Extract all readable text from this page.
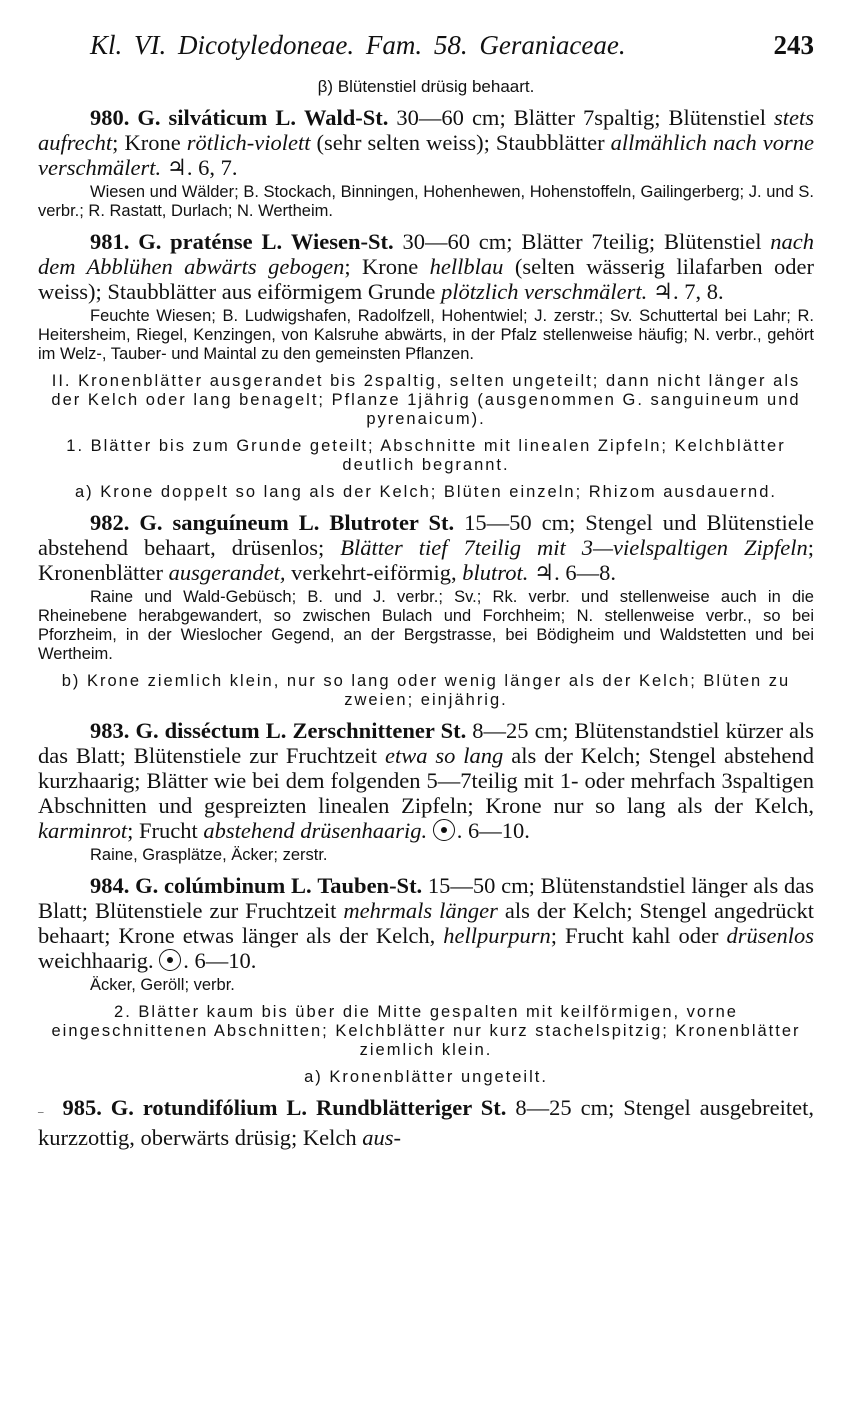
Kl. VI. Dicotyledoneae. Fam. 58. Geraniaceae.	243

β) Blütenstiel drüsig behaart.

980. G. silváticum L. Wald-St. 30—60 cm; Blätter 7spaltig; Blütenstiel stets aufrecht; Krone rötlich-violett (sehr selten weiss); Staubblätter allmählich nach vorne verschmälert. ♃. 6, 7.

Wiesen und Wälder; B. Stockach, Binningen, Hohenhewen, Hohenstoffeln, Gailingerberg; J. und S. verbr.; R. Rastatt, Durlach; N. Wertheim.

981. G. praténse L. Wiesen-St. 30—60 cm; Blätter 7teilig; Blütenstiel nach dem Abblühen abwärts gebogen; Krone hellblau (selten wässerig lilafarben oder weiss); Staubblätter aus eiförmigem Grunde plötzlich verschmälert. ♃. 7, 8.

Feuchte Wiesen; B. Ludwigshafen, Radolfzell, Hohentwiel; J. zerstr.; Sv. Schuttertal bei Lahr; R. Heitersheim, Riegel, Kenzingen, von Kalsruhe abwärts, in der Pfalz stellenweise häufig; N. verbr., gehört im Welz-, Tauber- und Maintal zu den gemeinsten Pflanzen.

II. Kronenblätter ausgerandet bis 2spaltig, selten ungeteilt; dann nicht länger als der Kelch oder lang benagelt; Pflanze 1jährig (ausgenommen G. sanguineum und pyrenaicum).

1. Blätter bis zum Grunde geteilt; Abschnitte mit linealen Zipfeln; Kelchblätter deutlich begrannt.

a) Krone doppelt so lang als der Kelch; Blüten einzeln; Rhizom ausdauernd.

982. G. sanguíneum L. Blutroter St. 15—50 cm; Stengel und Blütenstiele abstehend behaart, drüsenlos; Blätter tief 7teilig mit 3—vielspaltigen Zipfeln; Kronenblätter ausgerandet, verkehrt-eiförmig, blutrot. ♃. 6—8.

Raine und Wald-Gebüsch; B. und J. verbr.; Sv.; Rk. verbr. und stellenweise auch in die Rheinebene herabgewandert, so zwischen Bulach und Forchheim; N. stellenweise verbr., so bei Pforzheim, in der Wieslocher Gegend, an der Bergstrasse, bei Bödigheim und Waldstetten und bei Wertheim.

b) Krone ziemlich klein, nur so lang oder wenig länger als der Kelch; Blüten zu zweien; einjährig.

983. G. disséctum L. Zerschnittener St. 8—25 cm; Blütenstandstiel kürzer als das Blatt; Blütenstiele zur Fruchtzeit etwa so lang als der Kelch; Stengel abstehend kurzhaarig; Blätter wie bei dem folgenden 5—7teilig mit 1- oder mehrfach 3spaltigen Abschnitten und gespreizten linealen Zipfeln; Krone nur so lang als der Kelch, karminrot; Frucht abstehend drüsenhaarig. . 6—10.

Raine, Grasplätze, Äcker; zerstr.

984. G. colúmbinum L. Tauben-St. 15—50 cm; Blütenstandstiel länger als das Blatt; Blütenstiele zur Fruchtzeit mehrmals länger als der Kelch; Stengel angedrückt behaart; Krone etwas länger als der Kelch, hellpurpurn; Frucht kahl oder drüsenlos weichhaarig. . 6—10.

Äcker, Geröll; verbr.

2. Blätter kaum bis über die Mitte gespalten mit keilförmigen, vorne eingeschnittenen Abschnitten; Kelchblätter nur kurz stachelspitzig; Kronenblätter ziemlich klein.

a) Kronenblätter ungeteilt.

– 985. G. rotundifólium L. Rundblätteriger St. 8—25 cm; Stengel ausgebreitet, kurzzottig, oberwärts drüsig; Kelch aus-
